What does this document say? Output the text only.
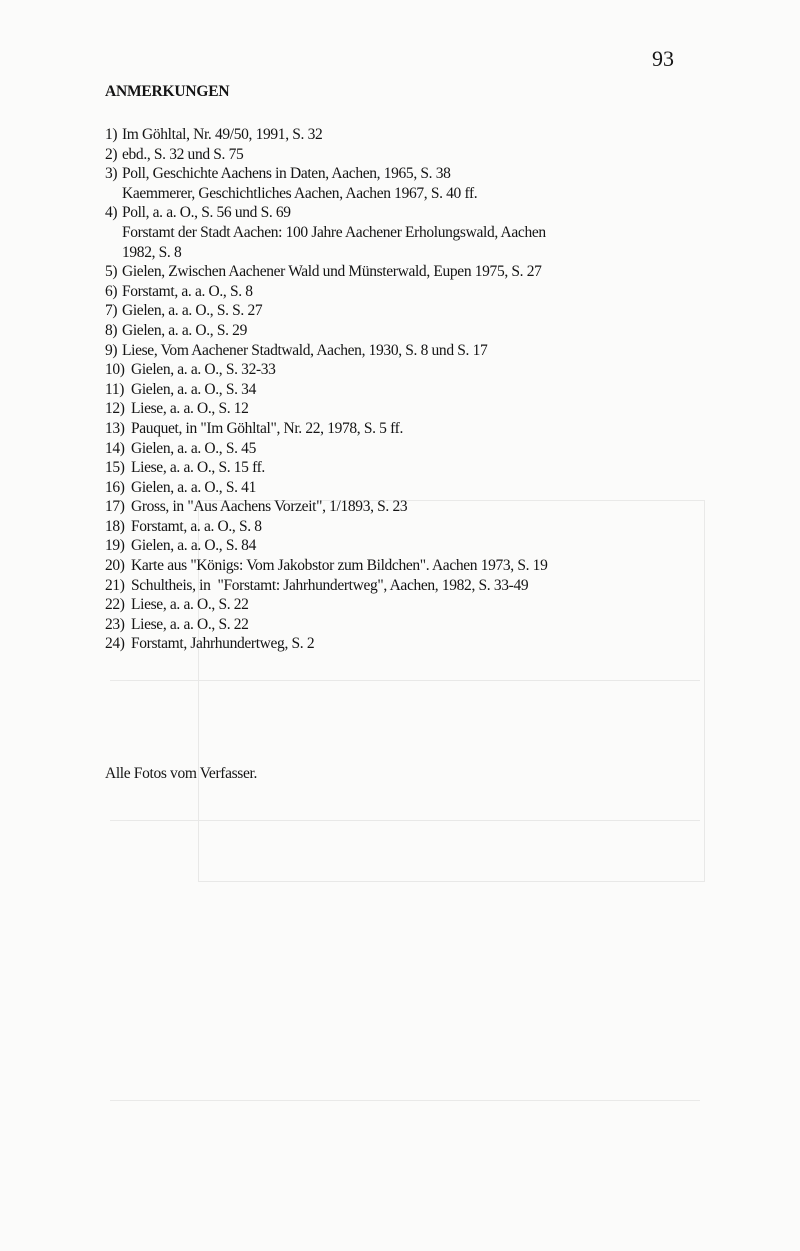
93
ANMERKUNGEN
1) Im Göhltal, Nr. 49/50, 1991, S. 32
2) ebd., S. 32 und S. 75
3) Poll, Geschichte Aachens in Daten, Aachen, 1965, S. 38
Kaemmerer, Geschichtliches Aachen, Aachen 1967, S. 40 ff.
4) Poll, a. a. O., S. 56 und S. 69
Forstamt der Stadt Aachen: 100 Jahre Aachener Erholungswald, Aachen
1982, S. 8
5) Gielen, Zwischen Aachener Wald und Münsterwald, Eupen 1975, S. 27
6) Forstamt, a. a. O., S. 8
7) Gielen, a. a. O., S. S. 27
8) Gielen, a. a. O., S. 29
9) Liese, Vom Aachener Stadtwald, Aachen, 1930, S. 8 und S. 17
10) Gielen, a. a. O., S. 32-33
11) Gielen, a. a. O., S. 34
12) Liese, a. a. O., S. 12
13) Pauquet, in "Im Göhltal", Nr. 22, 1978, S. 5 ff.
14) Gielen, a. a. O., S. 45
15) Liese, a. a. O., S. 15 ff.
16) Gielen, a. a. O., S. 41
17) Gross, in "Aus Aachens Vorzeit", 1/1893, S. 23
18) Forstamt, a. a. O., S. 8
19) Gielen, a. a. O., S. 84
20) Karte aus "Königs: Vom Jakobstor zum Bildchen". Aachen 1973, S. 19
21) Schultheis, in  "Forstamt: Jahrhundertweg", Aachen, 1982, S. 33-49
22) Liese, a. a. O., S. 22
23) Liese, a. a. O., S. 22
24) Forstamt, Jahrhundertweg, S. 2
Alle Fotos vom Verfasser.
